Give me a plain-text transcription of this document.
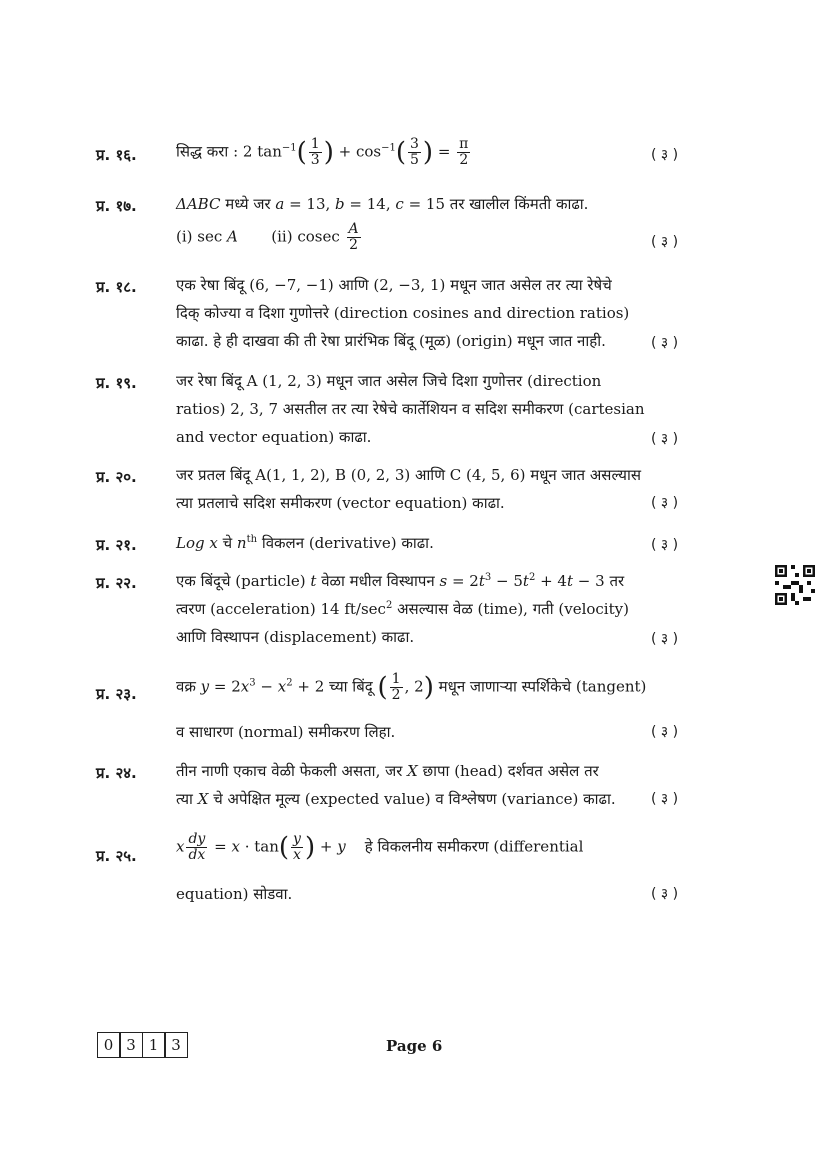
प्र. १६.	सिद्ध करा : 2 $\tan^{-1}( \frac{1}{3}$ ) + $\cos^{-1}( \frac{3}{5}$ ) = $\frac{\pi}{2}$	( ३ )
प्र. १७.	ΔABC मध्ये जर a = 13, b = 14, c = 15 तर खालील किंमती काढा.
(i) sec A (ii) cosec $\frac{A}{2}$	( ३ )
प्र. १८.	एक रेषा बिंदू (6, −7, −1) आणि (2, −3, 1) मधून जात असेल तर त्या रेषेचे
दिक् कोज्या व दिशा गुणोत्तरे (direction cosines and direction ratios)
काढा. हे ही दाखवा की ती रेषा प्रारंभिक बिंदू (मूळ) (origin) मधून जात नाही.	( ३ )
प्र. १९.	जर रेषा बिंदू A (1, 2, 3) मधून जात असेल जिचे दिशा गुणोत्तर (direction
ratios) 2, 3, 7 असतील तर त्या रेषेचे कार्तेशियन व सदिश समीकरण (cartesian
and vector equation) काढा.	( ३ )
प्र. २०.	जर प्रतल बिंदू A(1, 1, 2), B (0, 2, 3) आणि C (4, 5, 6) मधून जात असल्यास
त्या प्रतलाचे सदिश समीकरण (vector equation) काढा.	( ३ )
प्र. २१.	Log x चे $n^{th}$ विकलन (derivative) काढा.	( ३ )
प्र. २२.	एक बिंदूचे (particle) t वेळा मधील विस्थापन $s = 2t^3 - 5t^2 + 4t - 3$ तर
त्वरण (acceleration) 14 $ft/\sec^2$ असल्यास वेळ (time), गती (velocity)
आणि विस्थापन (displacement) काढा.	( ३ )
प्र. २३.	वक्र $y = 2x^3 - x^2 + 2$ च्या बिंदू ( $\frac{1}{2}$ , 2) मधून जाणाऱ्या स्पर्शिकेचे (tangent)
व साधारण (normal) समीकरण लिहा.	( ३ )
प्र. २४.	तीन नाणी एकाच वेळी फेकली असता, जर X छापा (head) दर्शवत असेल तर
त्या X चे अपेक्षित मूल्य (expected value) व विश्लेषण (variance) काढा.	( ३ )
प्र. २५.
x $\frac{dy}{dx} = x \cdot \tan( \frac{y}{x}$ ) + y हे विकलनीय समीकरण (differential
equation) सोडवा.	( ३ )
0 3 1 3	Page 6
